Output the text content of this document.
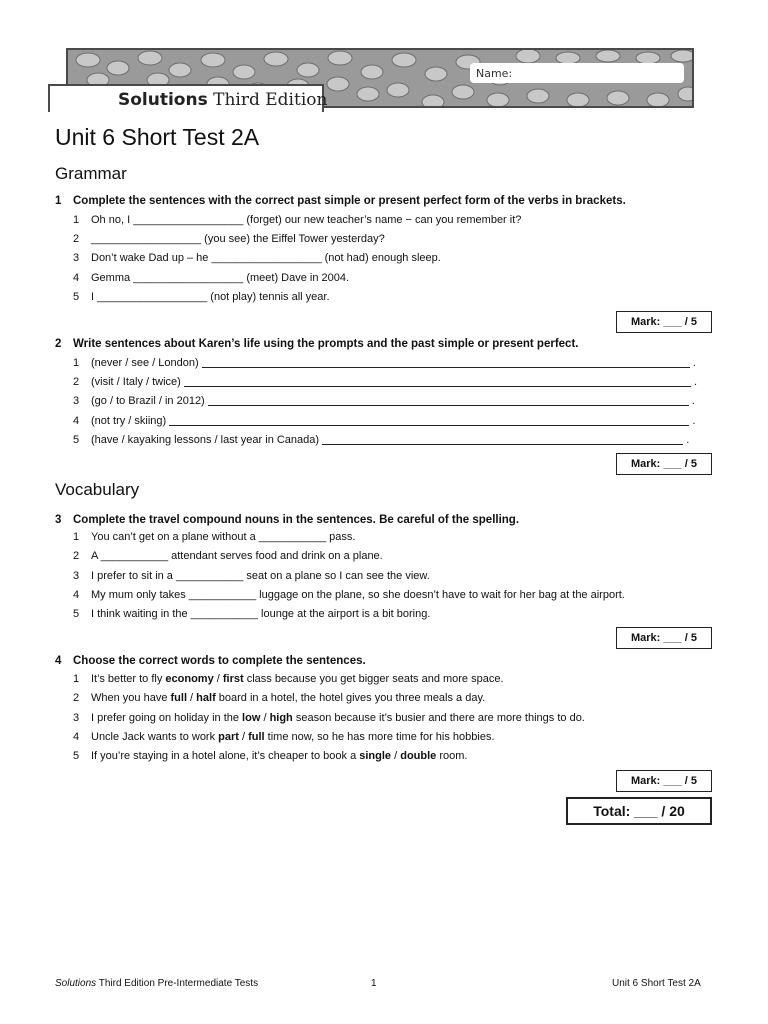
Solutions Third Edition
Name:
Unit 6 Short Test 2A
Grammar
1 Complete the sentences with the correct past simple or present perfect form of the verbs in brackets.
1 Oh no, I __________________ (forget) our new teacher’s name − can you remember it?
2 __________________ (you see) the Eiffel Tower yesterday?
3 Don’t wake Dad up – he __________________ (not had) enough sleep.
4 Gemma __________________ (meet) Dave in 2004.
5 I __________________ (not play) tennis all year.
Mark: ___ / 5
2 Write sentences about Karen’s life using the prompts and the past simple or present perfect.
1 (never / see / London)	.
2 (visit / Italy / twice)	.
3 (go / to Brazil / in 2012)	.
4 (not try / skiing)	.
5 (have / kayaking lessons / last year in Canada)	.
Mark: ___ / 5
Vocabulary
3 Complete the travel compound nouns in the sentences. Be careful of the spelling.
1 You can’t get on a plane without a ___________ pass.
2 A ___________ attendant serves food and drink on a plane.
3 I prefer to sit in a ___________ seat on a plane so I can see the view.
4 My mum only takes ___________ luggage on the plane, so she doesn’t have to wait for her bag at the airport.
5 I think waiting in the ___________ lounge at the airport is a bit boring.
Mark: ___ / 5
4 Choose the correct words to complete the sentences.
1 It’s better to fly economy / first class because you get bigger seats and more space.
2 When you have full / half board in a hotel, the hotel gives you three meals a day.
3 I prefer going on holiday in the low / high season because it’s busier and there are more things to do.
4 Uncle Jack wants to work part / full time now, so he has more time for his hobbies.
5 If you’re staying in a hotel alone, it’s cheaper to book a single / double room.
Mark: ___ / 5
Total: ___ / 20
Solutions Third Edition Pre-Intermediate Tests	1	Unit 6 Short Test 2A
